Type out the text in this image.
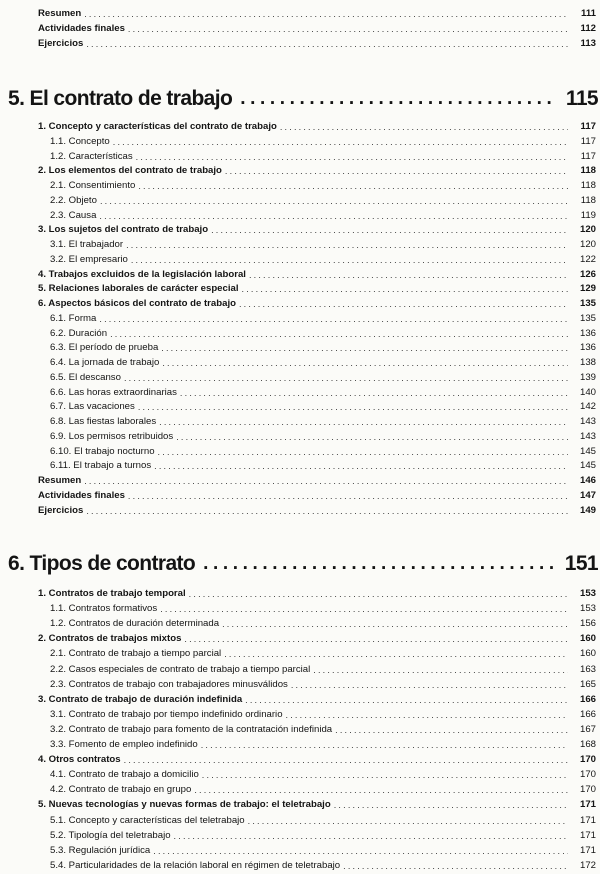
Resumen .....	111
Actividades finales .....	112
Ejercicios .....	113
5. El contrato de trabajo .....	115
1. Concepto y características del contrato de trabajo .....	117
1.1. Concepto .....	117
1.2. Características .....	117
2. Los elementos del contrato de trabajo .....	118
2.1. Consentimiento .....	118
2.2. Objeto .....	118
2.3. Causa .....	119
3. Los sujetos del contrato de trabajo .....	120
3.1. El trabajador .....	120
3.2. El empresario .....	122
4. Trabajos excluidos de la legislación laboral .....	126
5. Relaciones laborales de carácter especial .....	129
6. Aspectos básicos del contrato de trabajo .....	135
6.1. Forma .....	135
6.2. Duración .....	136
6.3. El período de prueba .....	136
6.4. La jornada de trabajo .....	138
6.5. El descanso .....	139
6.6. Las horas extraordinarias .....	140
6.7. Las vacaciones .....	142
6.8. Las fiestas laborales .....	143
6.9. Los permisos retribuidos .....	143
6.10. El trabajo nocturno .....	145
6.11. El trabajo a turnos .....	145
Resumen .....	146
Actividades finales .....	147
Ejercicios .....	149
6. Tipos de contrato .....	151
1. Contratos de trabajo temporal .....	153
1.1. Contratos formativos .....	153
1.2. Contratos de duración determinada .....	156
2. Contratos de trabajos mixtos .....	160
2.1. Contrato de trabajo a tiempo parcial .....	160
2.2. Casos especiales de contrato de trabajo a tiempo parcial .....	163
2.3. Contratos de trabajo con trabajadores minusválidos .....	165
3. Contrato de trabajo de duración indefinida .....	166
3.1. Contrato de trabajo por tiempo indefinido ordinario .....	166
3.2. Contrato de trabajo para fomento de la contratación indefinida .....	167
3.3. Fomento de empleo indefinido .....	168
4. Otros contratos .....	170
4.1. Contrato de trabajo a domicilio .....	170
4.2. Contrato de trabajo en grupo .....	170
5. Nuevas tecnologías y nuevas formas de trabajo: el teletrabajo .....	171
5.1. Concepto y características del teletrabajo .....	171
5.2. Tipología del teletrabajo .....	171
5.3. Regulación jurídica .....	171
5.4. Particularidades de la relación laboral en régimen de teletrabajo .....	172
